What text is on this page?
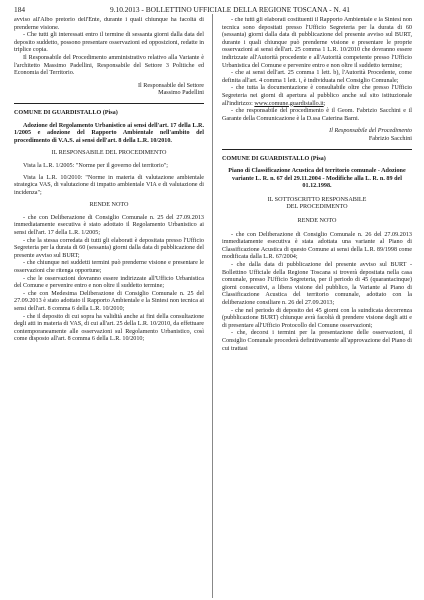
184	9.10.2013 - BOLLETTINO UFFICIALE DELLA REGIONE TOSCANA - N. 41

avviso all'Albo pretorio dell'Ente, durante i quali chiunque ha facoltà di prenderne visione.

- Che tutti gli interessati entro il termine di sessanta giorni dalla data del deposito suddetto, possono presentare osservazioni ed opposizioni, redatte in triplice copia.

Il Responsabile del Procedimento amministrativo relativo alla Variante è l'architetto Massimo Padellini, Responsabile del Settore 3 Politiche ed Economia del Territorio.

Il Responsabile del Settore

Massimo Padellini

COMUNE DI GUARDISTALLO (Pisa)

Adozione del Regolamento Urbanistico ai sensi dell'art. 17 della L.R. 1/2005 e adozione del Rapporto Ambientale nell'ambito del procedimento di V.A.S. ai sensi dell'art. 8 della L.R. 10/2010.

IL RESPONSABILE DEL PROCEDIMENTO

Vista la L.R. 1/2005: "Norme per il governo del territorio";

Vista la L.R. 10/2010: "Norme in materia di valutazione ambientale strategica VAS, di valutazione di impatto ambientale VIA e di valutazione di incidenza";

RENDE NOTO

- che con Deliberazione di Consiglio Comunale n. 25 del 27.09.2013 immediatamente esecutiva è stato adottato il Regolamento Urbanistico ai sensi dell'art. 17 della L.R. 1/2005;

- che la stessa corredata di tutti gli elaborati è depositata presso l'Ufficio Segreteria per la durata di 60 (sessanta) giorni dalla data di pubblicazione del presente avviso sul BURT;

- che chiunque nei suddetti termini può prenderne visione e presentare le osservazioni che ritenga opportune;

- che le osservazioni dovranno essere indirizzate all'Ufficio Urbanistica del Comune e pervenire entro e non oltre il suddetto termine;

- che con Medesima Deliberazione di Consiglio Comunale n. 25 del 27.09.2013 è stato adottato il Rapporto Ambientale e la Sintesi non tecnica ai sensi dell'art. 8 comma 6 della L.R. 10/2010;

- che il deposito di cui sopra ha validità anche ai fini della consultazione degli atti in materia di VAS, di cui all'art. 25 della L.R. 10/2010, da effettuare contemporaneamente alle osservazioni sul Regolamento Urbanistico, così come disposto all'art. 8 comma 6 della L.R. 10/2010;

- che tutti gli elaborati costituenti il Rapporto Ambientale e la Sintesi non tecnica sono depositati presso l'Ufficio Segreteria per la durata di 60 (sessanta) giorni dalla data di pubblicazione del presente avviso sul BURT, durante i quali chiunque può prenderne visione e presentare le proprie osservazioni ai sensi dell'art. 25 comma 1 L.R. 10/2010 che dovranno essere indirizzate all'Autorità procedente e all'Autorità competente presso l'Ufficio Urbanistica del Comune e pervenire entro e non oltre il suddetto termine;

- che ai sensi dell'art. 25 comma 1 lett. b), l'Autorità Procedente, come definita all'art. 4 comma 1 lett. i, è individuata nel Consiglio Comunale;

- che tutta la documentazione è consultabile oltre che presso l'Ufficio Segreteria nei giorni di apertura al pubblico anche sul sito istituzionale all'indirizzo: www.comune.guardistallo.it;

- che responsabile del procedimento è il Geom. Fabrizio Sacchini e il Garante della Comunicazione è la D.ssa Caterina Barni.

Il Responsabile del Procedimento

Fabrizio Sacchini

COMUNE DI GUARDISTALLO (Pisa)

Piano di Classificazione Acustica del territorio comunale - Adozione variante L. R. n. 67 del 29.11.2004 - Modifiche alla L. R. n. 89 del 01.12.1998.

IL SOTTOSCRITTO RESPONSABILE

DEL PROCEDIMENTO

RENDE NOTO

- che con Deliberazione di Consiglio Comunale n. 26 del 27.09.2013 immediatamente esecutiva è stata adottata una variante al Piano di Classificazione Acustica di questo Comune ai sensi della L.R. 89/1998 come modificata dalla L.R. 67/2004;

- che dalla data di pubblicazione del presente avviso sul BURT - Bollettino Ufficiale della Regione Toscana si troverà depositata nella casa comunale, presso l'Ufficio Segreteria, per il periodo di 45 (quarantacinque) giorni consecutivi, a libera visione del pubblico, la Variante al Piano di Classificazione Acustica del territorio comunale, adottato con la deliberazione consiliare n. 26 del 27.09.2013;

- che nel periodo di deposito dei 45 giorni con la suindicata decorrenza (pubblicazione BURT) chiunque avrà facoltà di prendere visione degli atti e di presentare all'Ufficio Protocollo del Comune osservazioni;

- che, decorsi i termini per la presentazione delle osservazioni, il Consiglio Comunale procederà definitivamente all'approvazione del Piano di cui trattasi
